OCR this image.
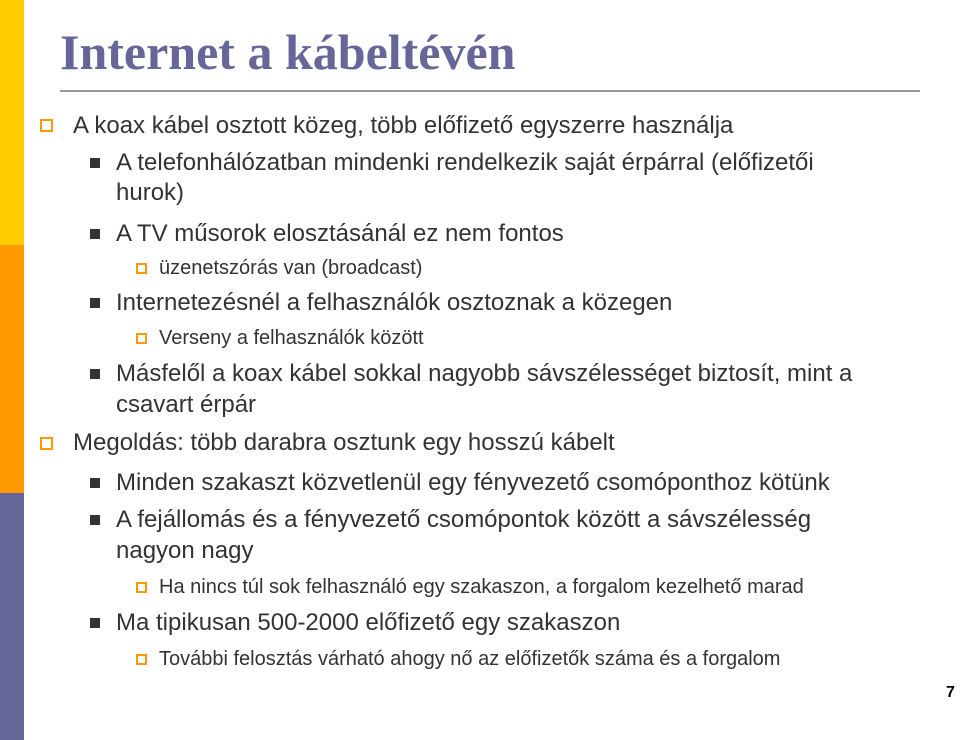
Internet a kábeltévén
A koax kábel osztott közeg, több előfizető egyszerre használja
A telefonhálózatban mindenki rendelkezik saját érpárral (előfizetői
hurok)
A TV műsorok elosztásánál ez nem fontos
üzenetszórás van (broadcast)
Internetezésnél a felhasználók osztoznak a közegen
Verseny a felhasználók között
Másfelől a koax kábel sokkal nagyobb sávszélességet biztosít, mint a
csavart érpár
Megoldás: több darabra osztunk egy hosszú kábelt
Minden szakaszt közvetlenül egy fényvezető csomóponthoz kötünk
A fejállomás és a fényvezető csomópontok között a sávszélesség
nagyon nagy
Ha nincs túl sok felhasználó egy szakaszon, a forgalom kezelhető marad
Ma tipikusan 500-2000 előfizető egy szakaszon
További felosztás várható ahogy nő az előfizetők száma és a forgalom
7
